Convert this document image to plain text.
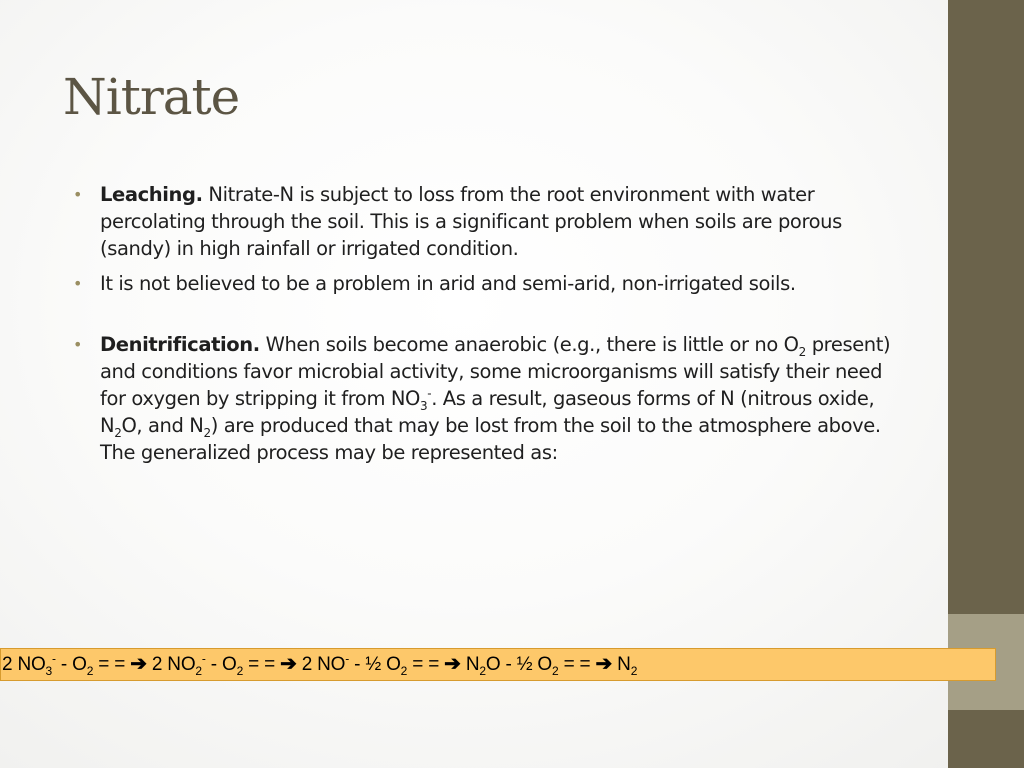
Nitrate
• Leaching. Nitrate-N is subject to loss from the root environment with water percolating through the soil. This is a significant problem when soils are porous (sandy) in high rainfall or irrigated condition.
• It is not believed to be a problem in arid and semi-arid, non-irrigated soils.
• Denitrification. When soils become anaerobic (e.g., there is little or no $O_2$ present) and conditions favor microbial activity, some microorganisms will satisfy their need for oxygen by stripping it from $NO_3^-$. As a result, gaseous forms of N (nitrous oxide, $N_2O$, and $N_2$) are produced that may be lost from the soil to the atmosphere above. The generalized process may be represented as:
2 $NO_3^- - O_2$ = = ➔ 2 $NO_2^- - O_2$ = = ➔ 2 NO- - ½ $O_2$ = = ➔ $N_2O$ - ½ $O_2$ = = ➔ $N_2$
